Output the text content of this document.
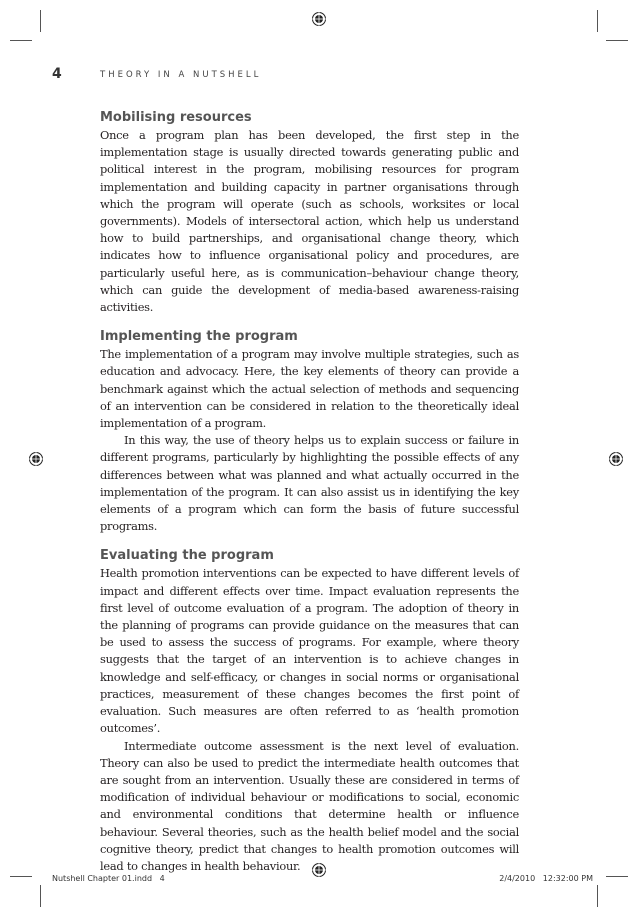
4	THEORY IN A NUTSHELL
Mobilising resources

Once a program plan has been developed, the first step in the implementation stage is usually directed towards generating public and political interest in the program, mobilising resources for program implementation and building capacity in partner organisations through which the program will operate (such as schools, worksites or local governments). Models of intersectoral action, which help us understand how to build partnerships, and organisational change theory, which indicates how to influence organisational policy and procedures, are particularly useful here, as is communication–behaviour change theory, which can guide the development of media-based awareness-raising activities.

Implementing the program

The implementation of a program may involve multiple strategies, such as education and advocacy. Here, the key elements of theory can provide a benchmark against which the actual selection of methods and sequencing of an intervention can be considered in relation to the theoretically ideal implementation of a program.

In this way, the use of theory helps us to explain success or failure in different programs, particularly by highlighting the possible effects of any differences between what was planned and what actually occurred in the implementation of the program. It can also assist us in identifying the key elements of a program which can form the basis of future successful programs.

Evaluating the program

Health promotion interventions can be expected to have different levels of impact and different effects over time. Impact evaluation represents the first level of outcome evaluation of a program. The adoption of theory in the planning of programs can provide guidance on the measures that can be used to assess the success of programs. For example, where theory suggests that the target of an intervention is to achieve changes in knowledge and self-efficacy, or changes in social norms or organisational practices, measurement of these changes becomes the first point of evaluation. Such measures are often referred to as ‘health promotion outcomes’.

Intermediate outcome assessment is the next level of evaluation. Theory can also be used to predict the intermediate health outcomes that are sought from an intervention. Usually these are considered in terms of modification of individual behaviour or modifications to social, economic and environmental conditions that determine health or influence behaviour. Several theories, such as the health belief model and the social cognitive theory, predict that changes to health promotion outcomes will lead to changes in health behaviour.

Nutshell Chapter 01.indd   4	2/4/2010   12:32:00 PM
